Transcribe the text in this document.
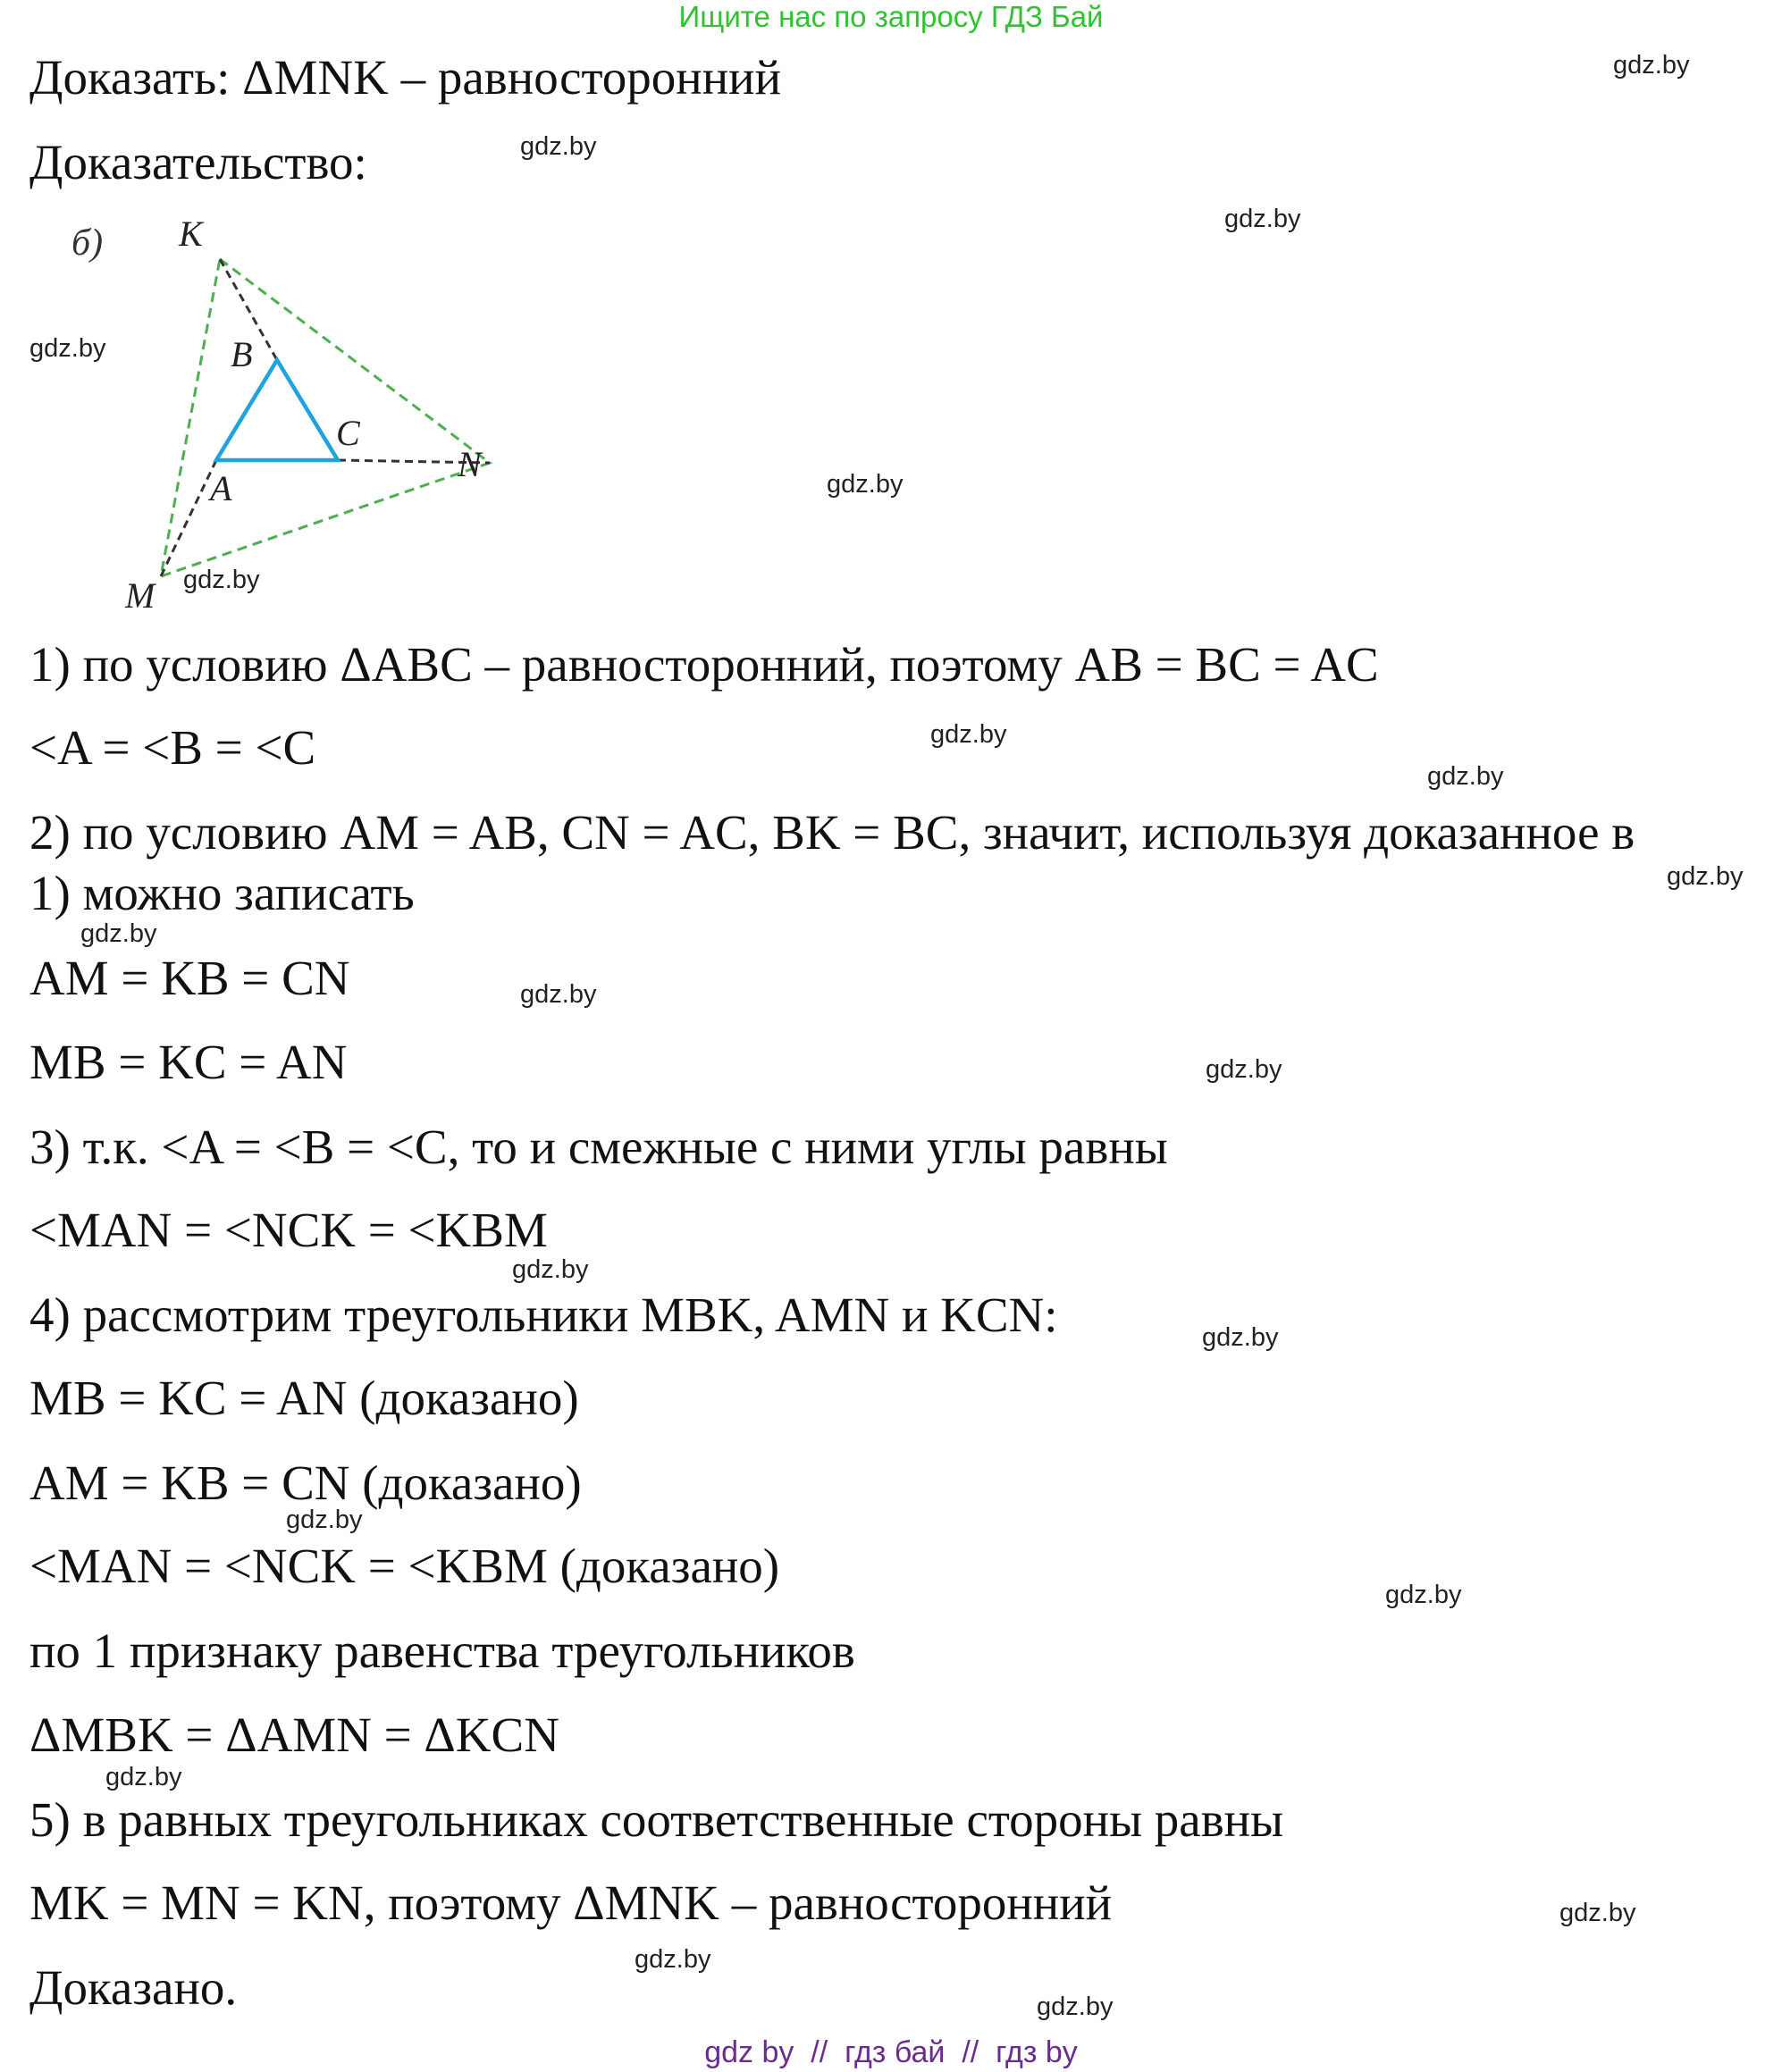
Ищите нас по запросу ГДЗ Бай
Доказать: ΔMNK – равносторонний
Доказательство:
б) K
B
C
N
A
M
1) по условию ΔABC – равносторонний, поэтому AB = BC = AC
<A = <B = <C
2) по условию AM = AB, CN = AC, BK = BC, значит, используя доказанное в
1) можно записать
AM = KB = CN
MB = KC = AN
3) т.к. <A = <B = <C, то и смежные с ними углы равны
<MAN = <NCK = <KBM
4) рассмотрим треугольники MBK, AMN и KCN:
MB = KC = AN (доказано)
AM = KB = CN (доказано)
<MAN = <NCK = <KBM (доказано)
по 1 признаку равенства треугольников
ΔMBK = ΔAMN = ΔKCN
5) в равных треугольниках соответственные стороны равны
MK = MN = KN, поэтому ΔMNK – равносторонний
Доказано.
gdz.by
gdz.by
gdz.by
gdz.by
gdz.by
gdz.by
gdz.by
gdz.by
gdz.by
gdz.by
gdz.by
gdz.by
gdz.by
gdz.by
gdz.by
gdz.by
gdz.by
gdz.by
gdz.by
gdz.by
gdz by  //  гдз бай  //  гдз by
